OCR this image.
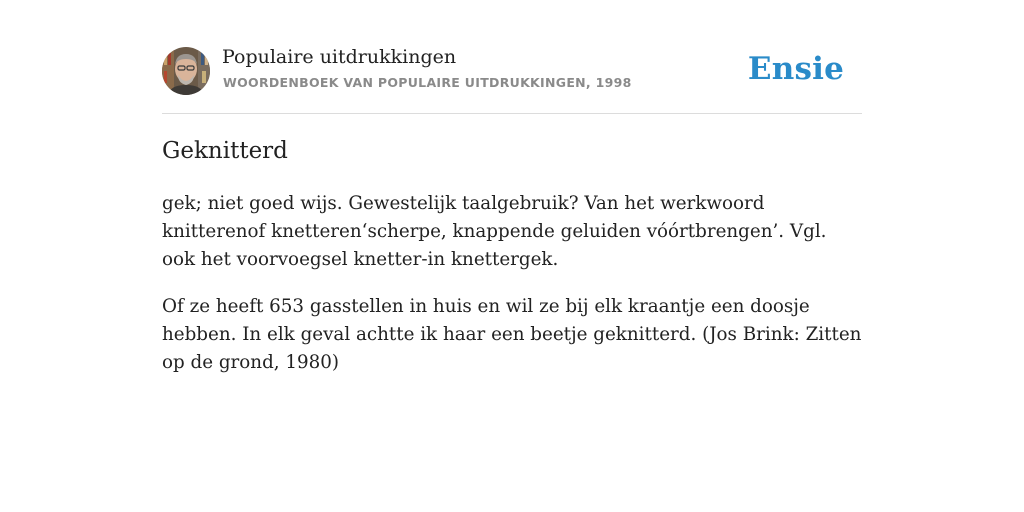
Populaire uitdrukkingen
WOORDENBOEK VAN POPULAIRE UITDRUKKINGEN, 1998	Ensie
Geknitterd

gek; niet goed wijs. Gewestelijk taalgebruik? Van het werkwoord knitterenof knetteren‘scherpe, knappende geluiden vóórtbrengen’. Vgl. ook het voorvoegsel knetter-in knettergek.

Of ze heeft 653 gasstellen in huis en wil ze bij elk kraantje een doosje hebben. In elk geval achtte ik haar een beetje geknitterd. (Jos Brink: Zitten op de grond, 1980)
